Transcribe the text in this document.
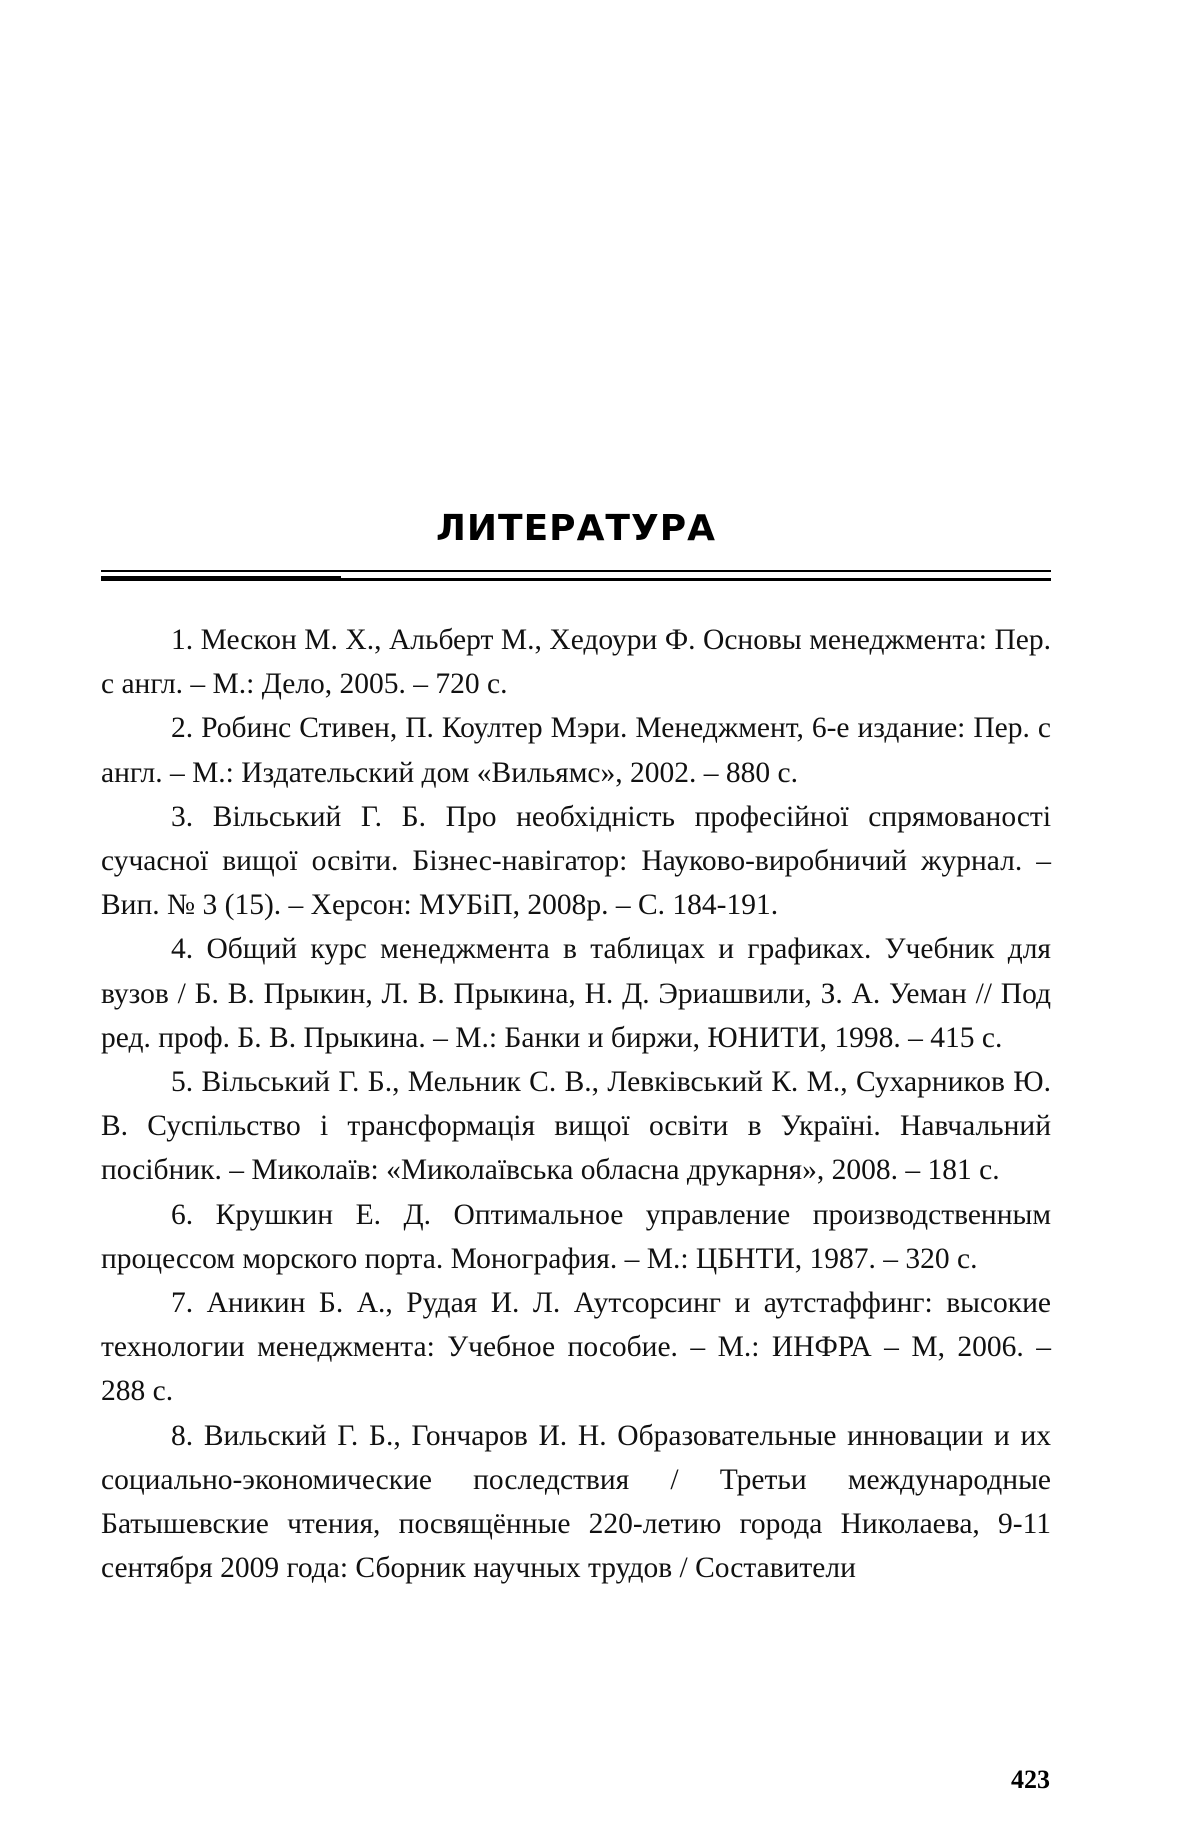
ЛИТЕРАТУРА
1. Мескон М. Х., Альберт М., Хедоури Ф. Основы менеджмента: Пер. с англ. – М.: Дело, 2005. – 720 с.
2. Робинс Стивен, П. Коултер Мэри. Менеджмент, 6-е издание: Пер. с англ. – М.: Издательский дом «Вильямс», 2002. – 880 с.
3. Вільський Г. Б. Про необхідність професійної спрямованості сучасної вищої освіти. Бізнес-навігатор: Науково-виробничий журнал. – Вип. № 3 (15). – Херсон: МУБіП, 2008р. – С. 184-191.
4. Общий курс менеджмента в таблицах и графиках. Учебник для вузов / Б. В. Прыкин, Л. В. Прыкина, Н. Д. Эриашвили, З. А. Уеман // Под ред. проф. Б. В. Прыкина. – М.: Банки и биржи, ЮНИТИ, 1998. – 415 с.
5. Вільський Г. Б., Мельник С. В., Левківський К. М., Сухарников Ю. В. Суспільство і трансформація вищої освіти в Україні. Навчальний посібник. – Миколаїв: «Миколаївська обласна друкарня», 2008. – 181 с.
6. Крушкин Е. Д. Оптимальное управление производственным процессом морского порта. Монография. – М.: ЦБНТИ, 1987. – 320 с.
7. Аникин Б. А., Рудая И. Л. Аутсорсинг и аутстаффинг: высокие технологии менеджмента: Учебное пособие. – М.: ИНФРА – М, 2006. – 288 с.
8. Вильский Г. Б., Гончаров И. Н. Образовательные инновации и их социально-экономические последствия / Третьи международные Батышевские чтения, посвящённые 220-летию города Николаева, 9-11 сентября 2009 года: Сборник научных трудов / Составители
423
